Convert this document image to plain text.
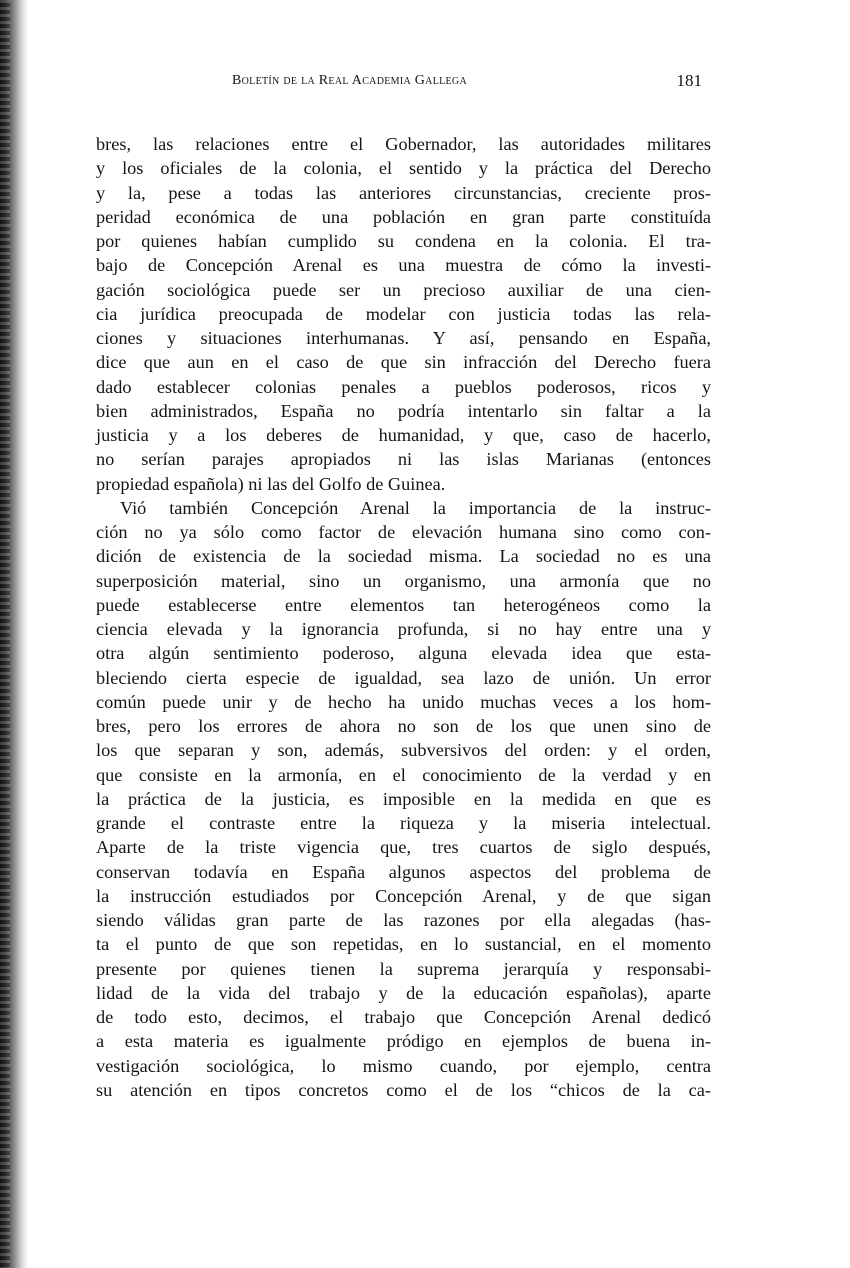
Boletín de la Real Academia Gallega	181
bres, las relaciones entre el Gobernador, las autoridades militares
y los oficiales de la colonia, el sentido y la práctica del Derecho
y la, pese a todas las anteriores circunstancias, creciente pros-
peridad económica de una población en gran parte constituída
por quienes habían cumplido su condena en la colonia. El tra-
bajo de Concepción Arenal es una muestra de cómo la investi-
gación sociológica puede ser un precioso auxiliar de una cien-
cia jurídica preocupada de modelar con justicia todas las rela-
ciones y situaciones interhumanas. Y así, pensando en España,
dice que aun en el caso de que sin infracción del Derecho fuera
dado establecer colonias penales a pueblos poderosos, ricos y
bien administrados, España no podría intentarlo sin faltar a la
justicia y a los deberes de humanidad, y que, caso de hacerlo,
no serían parajes apropiados ni las islas Marianas (entonces
propiedad española) ni las del Golfo de Guinea.
Vió también Concepción Arenal la importancia de la instruc-
ción no ya sólo como factor de elevación humana sino como con-
dición de existencia de la sociedad misma. La sociedad no es una
superposición material, sino un organismo, una armonía que no
puede establecerse entre elementos tan heterogéneos como la
ciencia elevada y la ignorancia profunda, si no hay entre una y
otra algún sentimiento poderoso, alguna elevada idea que esta-
bleciendo cierta especie de igualdad, sea lazo de unión. Un error
común puede unir y de hecho ha unido muchas veces a los hom-
bres, pero los errores de ahora no son de los que unen sino de
los que separan y son, además, subversivos del orden: y el orden,
que consiste en la armonía, en el conocimiento de la verdad y en
la práctica de la justicia, es imposible en la medida en que es
grande el contraste entre la riqueza y la miseria intelectual.
Aparte de la triste vigencia que, tres cuartos de siglo después,
conservan todavía en España algunos aspectos del problema de
la instrucción estudiados por Concepción Arenal, y de que sigan
siendo válidas gran parte de las razones por ella alegadas (has-
ta el punto de que son repetidas, en lo sustancial, en el momento
presente por quienes tienen la suprema jerarquía y responsabi-
lidad de la vida del trabajo y de la educación españolas), aparte
de todo esto, decimos, el trabajo que Concepción Arenal dedicó
a esta materia es igualmente pródigo en ejemplos de buena in-
vestigación sociológica, lo mismo cuando, por ejemplo, centra
su atención en tipos concretos como el de los “chicos de la ca-
